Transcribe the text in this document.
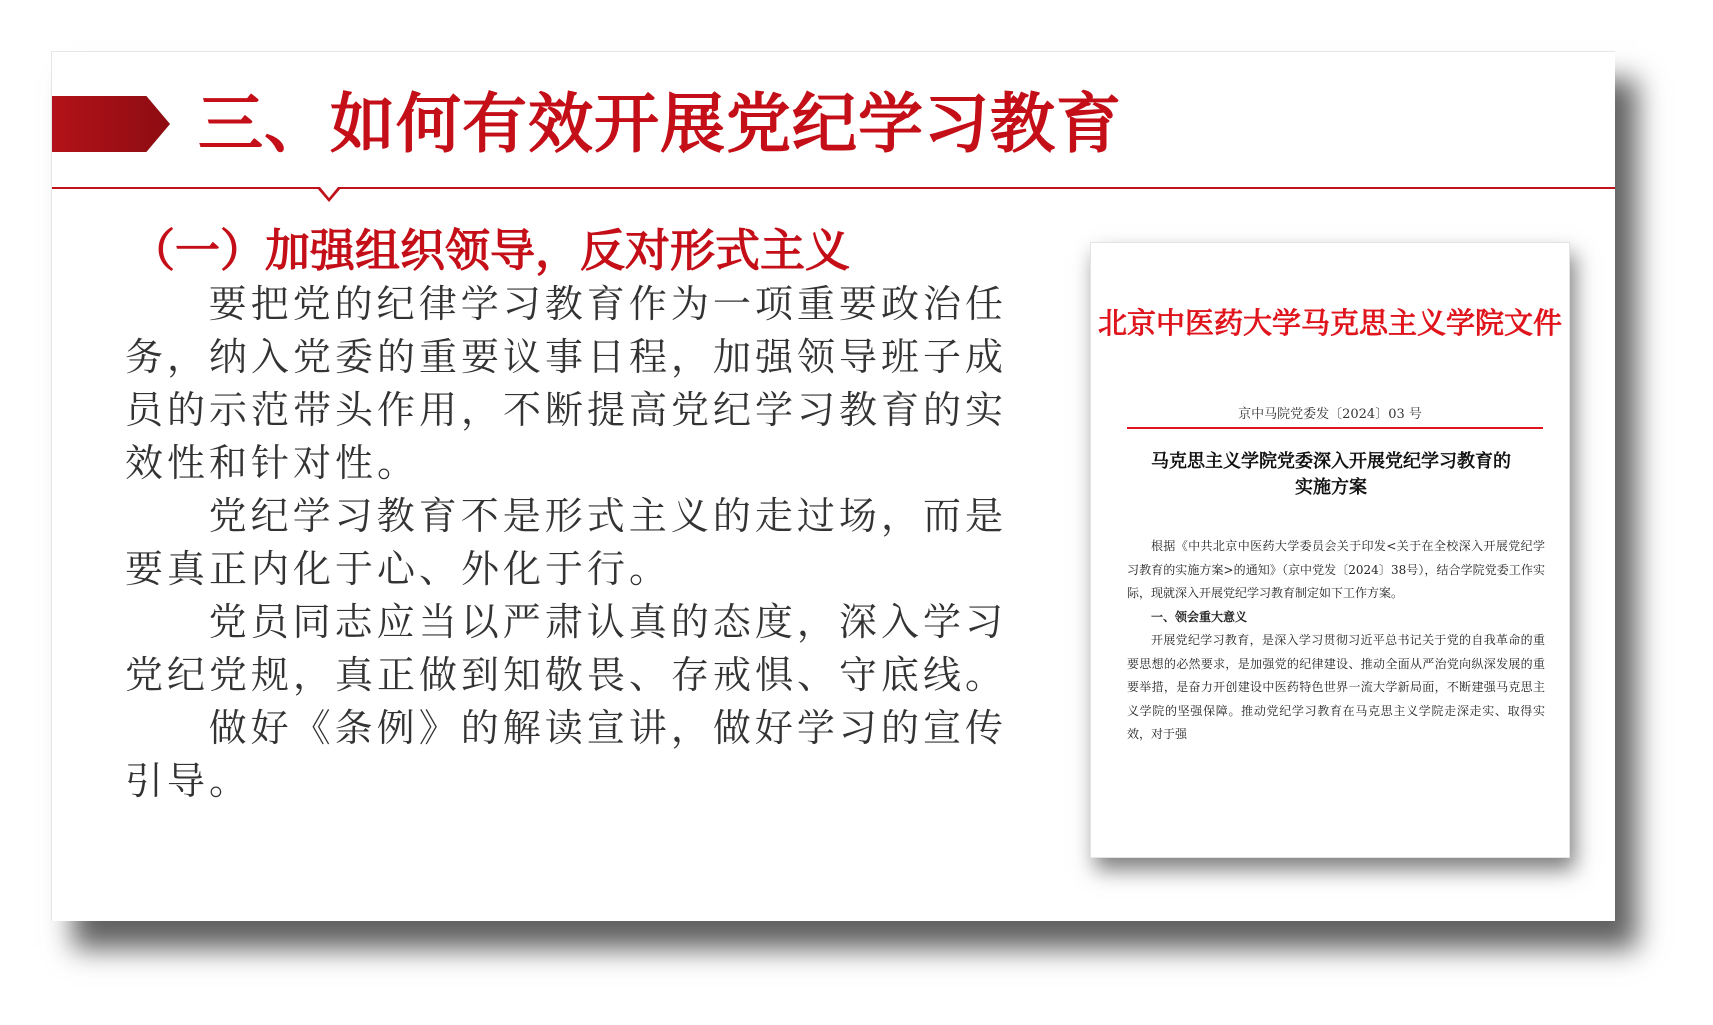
三、如何有效开展党纪学习教育
（一）加强组织领导，反对形式主义

要把党的纪律学习教育作为一项重要政治任务，纳入党委的重要议事日程，加强领导班子成员的示范带头作用，不断提高党纪学习教育的实效性和针对性。

党纪学习教育不是形式主义的走过场，而是要真正内化于心、外化于行。

党员同志应当以严肃认真的态度，深入学习党纪党规，真正做到知敬畏、存戒惧、守底线。

做好《条例》的解读宣讲，做好学习的宣传引导。

北京中医药大学马克思主义学院文件
京中马院党委发〔2024〕03 号
马克思主义学院党委深入开展党纪学习教育的
实施方案

根据《中共北京中医药大学委员会关于印发<关于在全校深入开展党纪学习教育的实施方案>的通知》（京中党发〔2024〕38号），结合学院党委工作实际，现就深入开展党纪学习教育制定如下工作方案。

一、领会重大意义

开展党纪学习教育，是深入学习贯彻习近平总书记关于党的自我革命的重要思想的必然要求，是加强党的纪律建设、推动全面从严治党向纵深发展的重要举措，是奋力开创建设中医药特色世界一流大学新局面，不断建强马克思主义学院的坚强保障。推动党纪学习教育在马克思主义学院走深走实、取得实效，对于强
